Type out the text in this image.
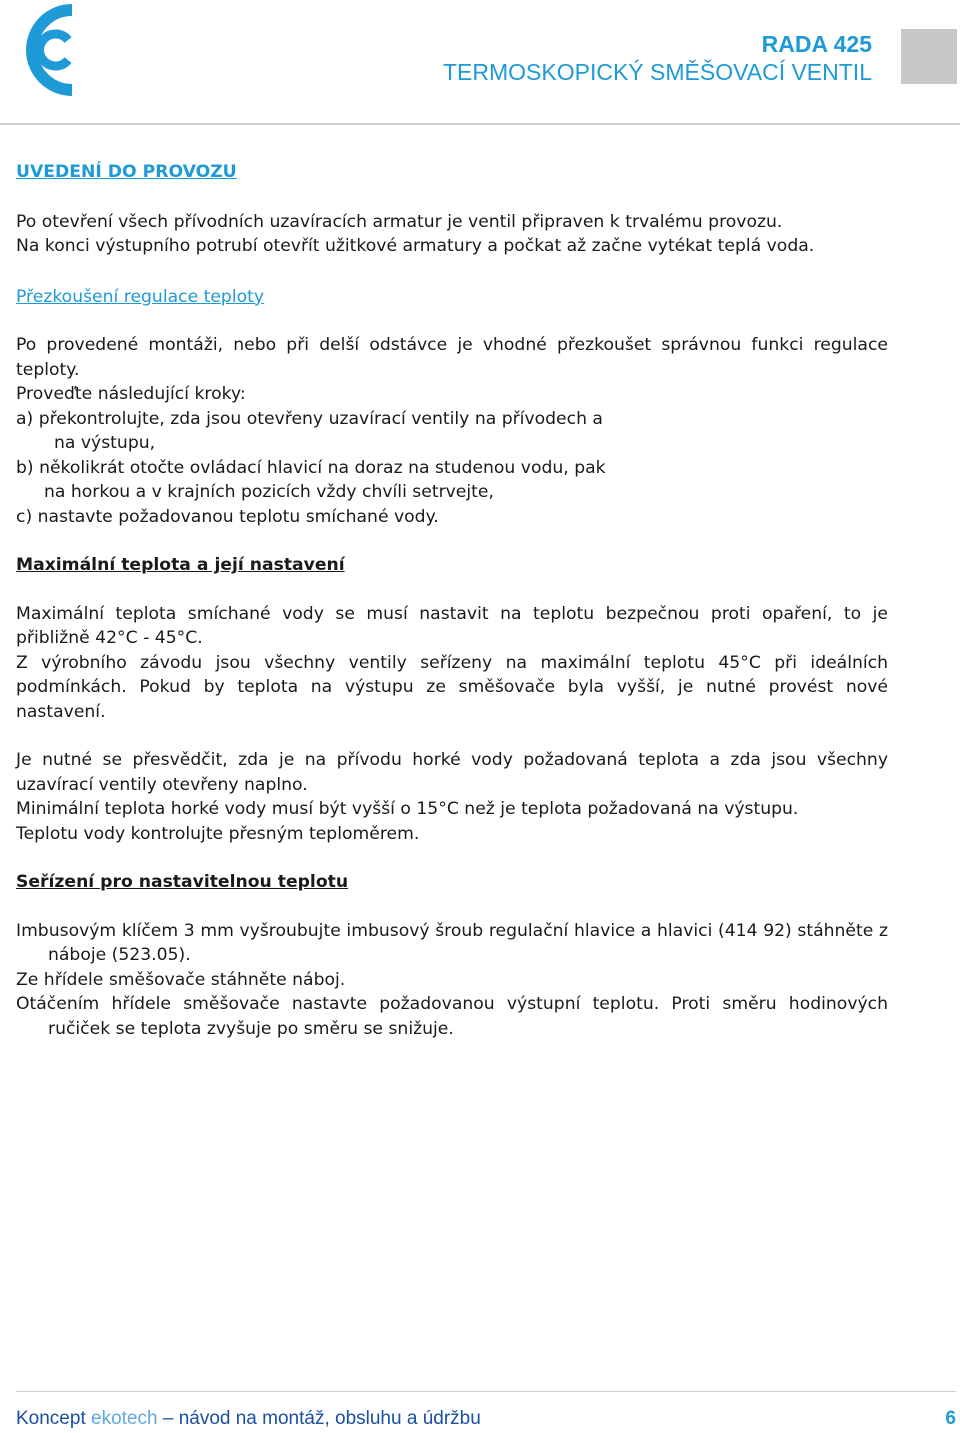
RADA 425
TERMOSKOPICKÝ SMĚŠOVACÍ VENTIL

UVEDENÍ DO PROVOZU

Po otevření všech přívodních uzavíracích armatur je ventil připraven k trvalému provozu.

Na konci výstupního potrubí otevřít užitkové armatury a počkat až začne vytékat teplá voda.

Přezkoušení regulace teploty

Po provedené montáži, nebo při delší odstávce je vhodné přezkoušet správnou funkci regulace teploty.

Proveďte následující kroky:

a) překontrolujte, zda jsou otevřeny uzavírací ventily na přívodech a

na výstupu,

b) několikrát otočte ovládací hlavicí na doraz na studenou vodu, pak

na horkou a v krajních pozicích vždy chvíli setrvejte,

c) nastavte požadovanou teplotu smíchané vody.

Maximální teplota a její nastavení

Maximální teplota smíchané vody se musí nastavit na teplotu bezpečnou proti opaření, to je přibližně 42°C - 45°C.

Z výrobního závodu jsou všechny ventily seřízeny na maximální teplotu 45°C při ideálních podmínkách. Pokud by teplota na výstupu ze směšovače byla vyšší, je nutné provést nové nastavení.

Je nutné se přesvědčit, zda je na přívodu horké vody požadovaná teplota a zda jsou všechny uzavírací ventily otevřeny naplno.

Minimální teplota horké vody musí být vyšší o 15°C než je teplota požadovaná na výstupu.

Teplotu vody kontrolujte přesným teploměrem.

Seřízení pro nastavitelnou teplotu

Imbusovým klíčem 3 mm vyšroubujte imbusový šroub regulační hlavice a hlavici (414 92) stáhněte z náboje (523.05).

Ze hřídele směšovače stáhněte náboj.

Otáčením hřídele směšovače nastavte požadovanou výstupní teplotu. Proti směru hodinových ručiček se teplota zvyšuje po směru se snižuje.

Koncept ekotech – návod na montáž, obsluhu a údržbu	6
